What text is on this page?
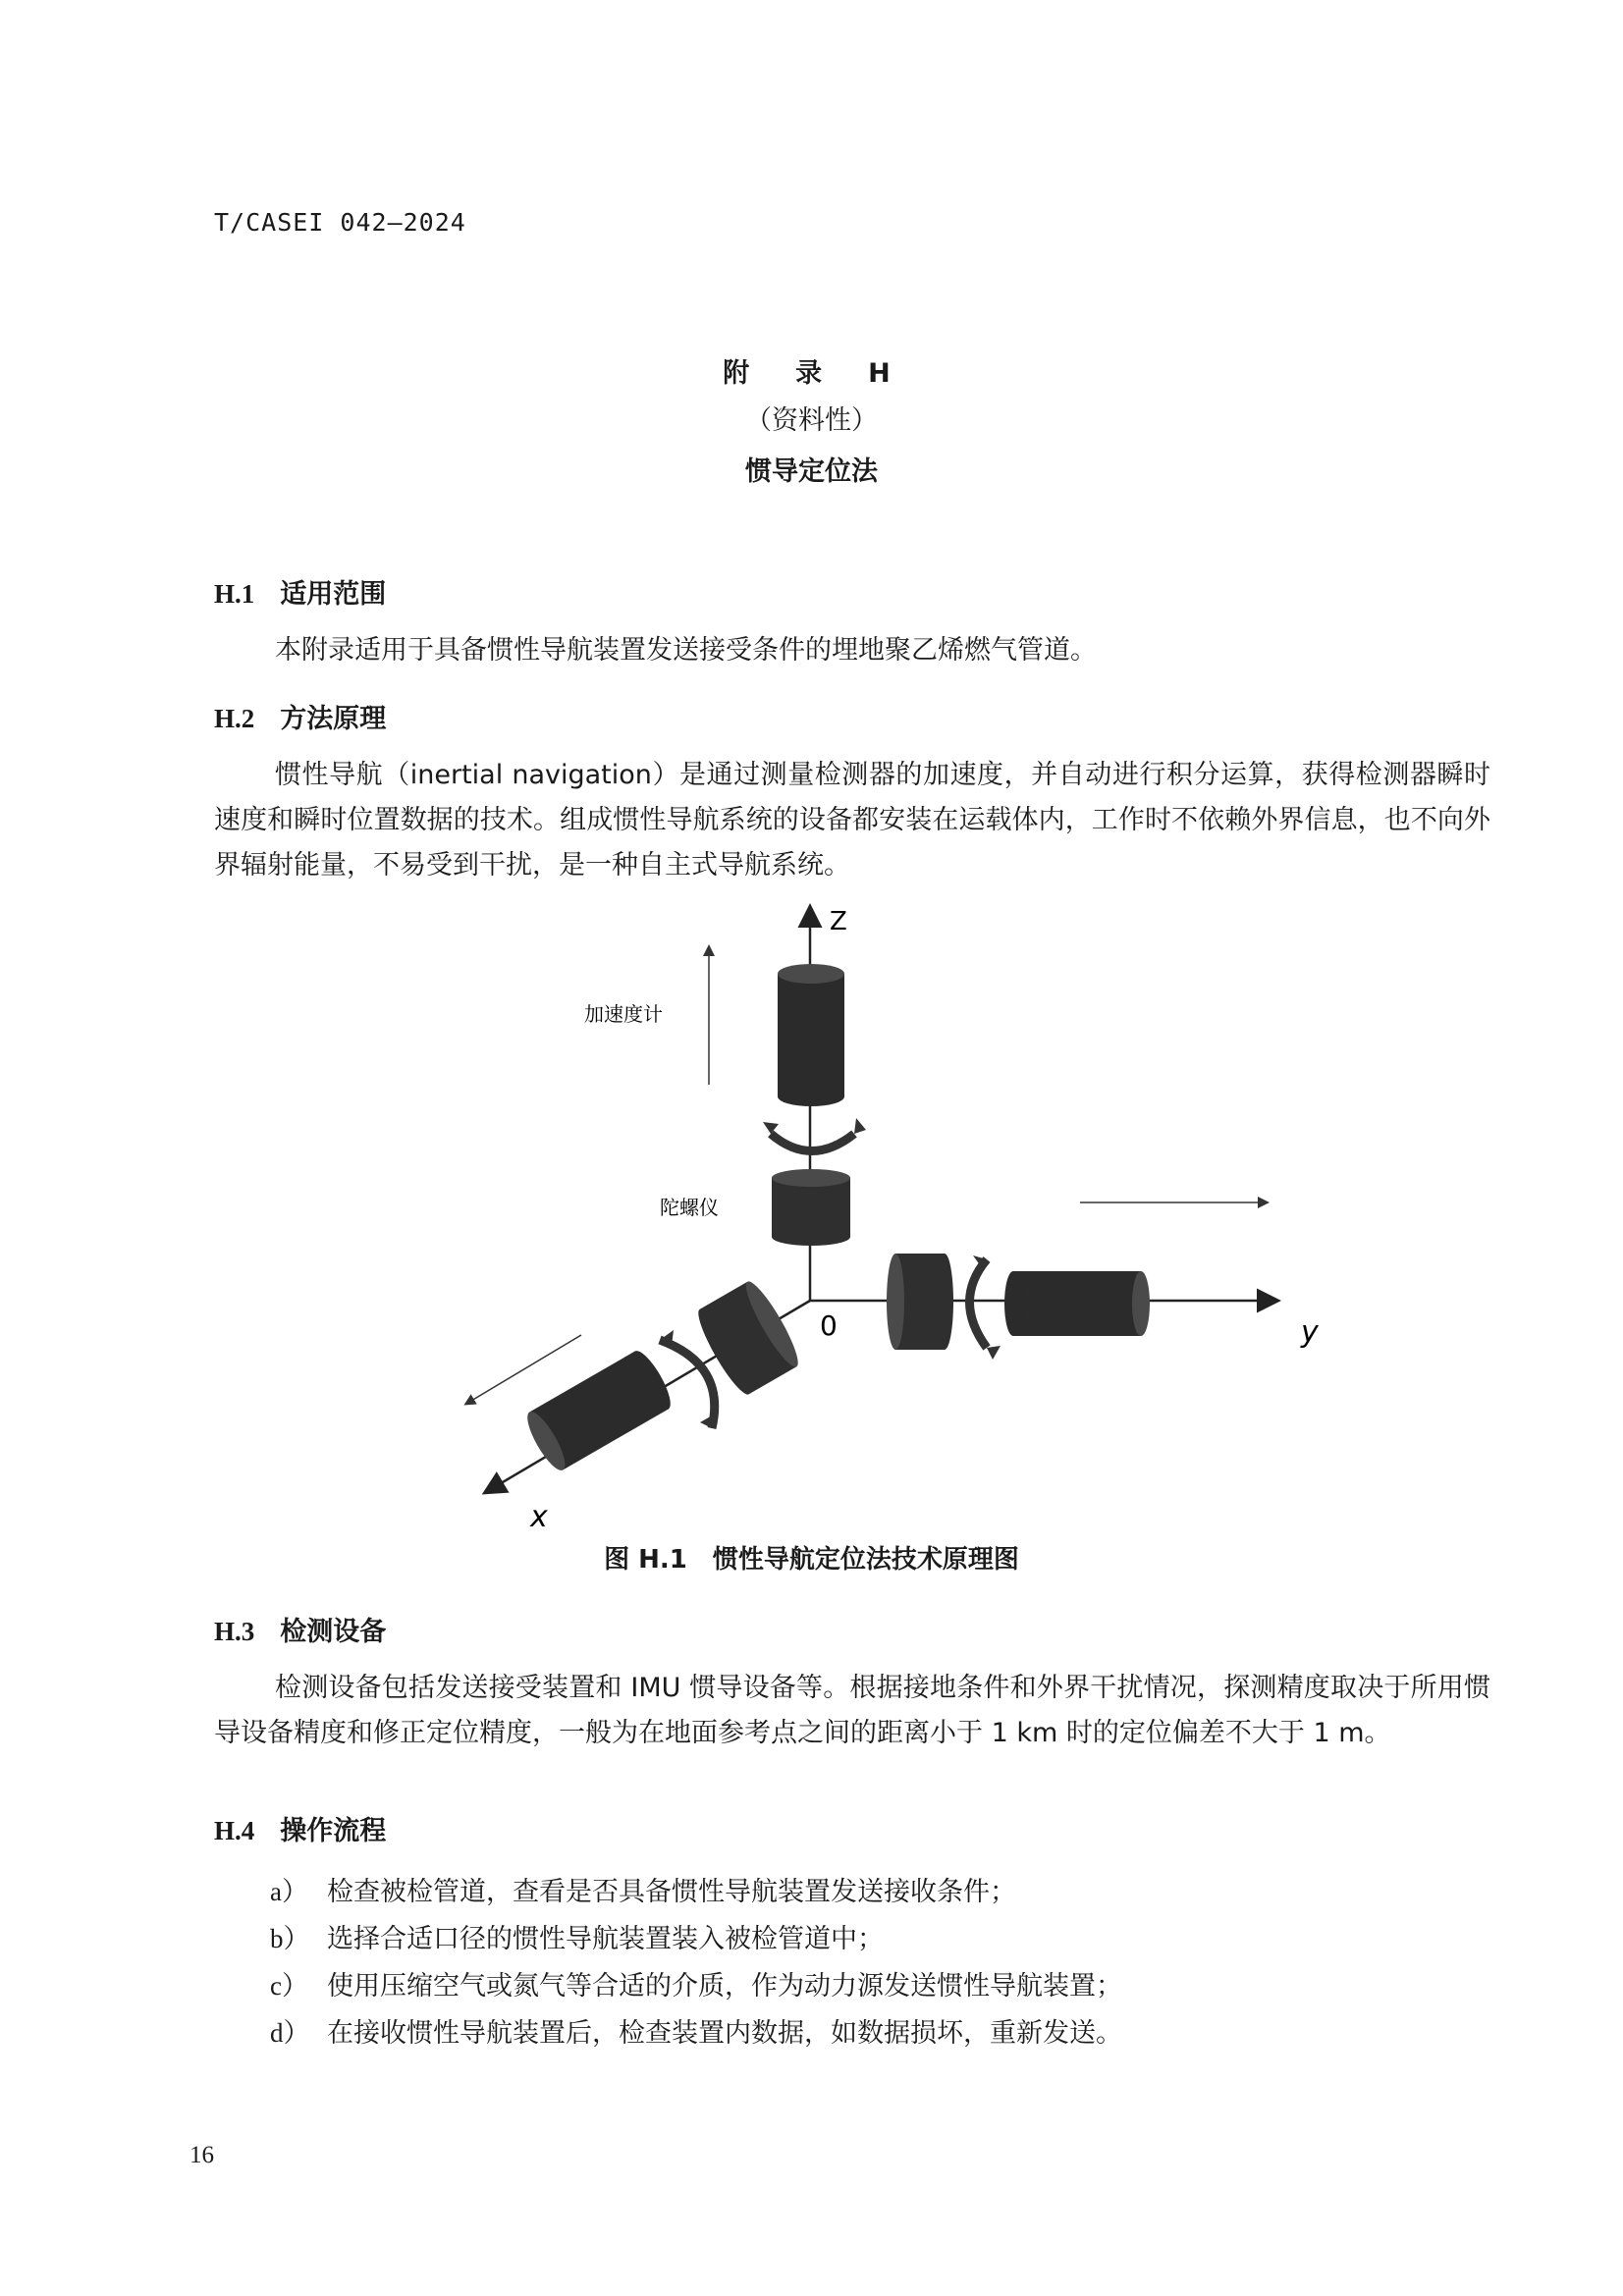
T/CASEI 042—2024
附　录　H
（资料性）
惯导定位法
H.1 适用范围
本附录适用于具备惯性导航装置发送接受条件的埋地聚乙烯燃气管道。
H.2 方法原理
惯性导航（inertial navigation）是通过测量检测器的加速度，并自动进行积分运算，获得检测器瞬时速度和瞬时位置数据的技术。组成惯性导航系统的设备都安装在运载体内，工作时不依赖外界信息，也不向外界辐射能量，不易受到干扰，是一种自主式导航系统。
Z
y
x
0
加速度计
陀螺仪
图 H.1　惯性导航定位法技术原理图
H.3 检测设备
检测设备包括发送接受装置和 IMU 惯导设备等。根据接地条件和外界干扰情况，探测精度取决于所用惯导设备精度和修正定位精度，一般为在地面参考点之间的距离小于 1 km 时的定位偏差不大于 1 m。
H.4 操作流程
a） 检查被检管道，查看是否具备惯性导航装置发送接收条件；
b） 选择合适口径的惯性导航装置装入被检管道中；
c） 使用压缩空气或氮气等合适的介质，作为动力源发送惯性导航装置；
d） 在接收惯性导航装置后，检查装置内数据，如数据损坏，重新发送。
16
